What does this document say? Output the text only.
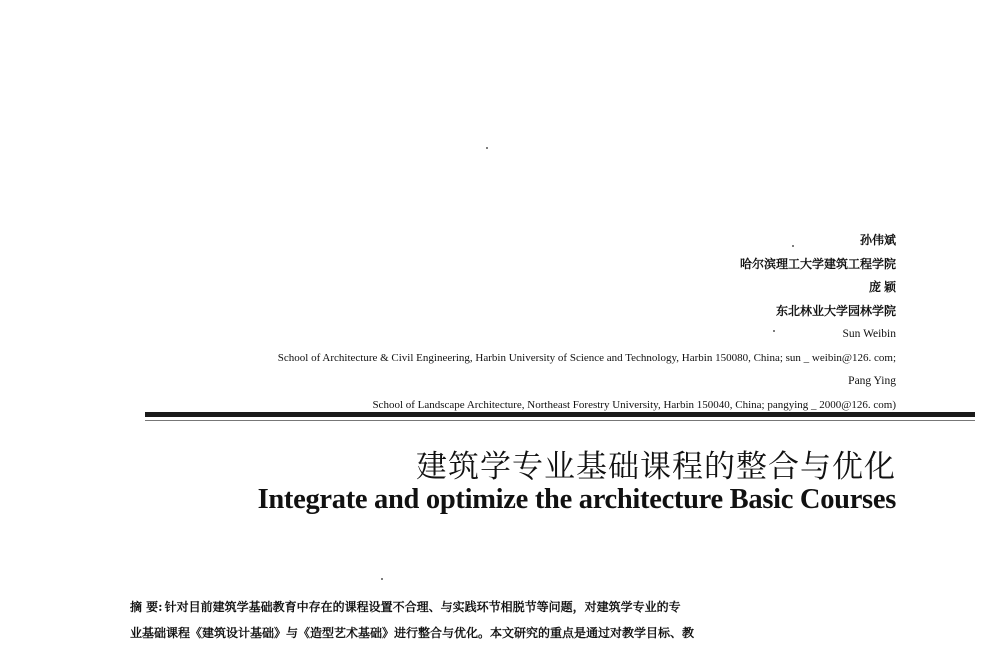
孙伟斌
哈尔滨理工大学建筑工程学院
庞 颖
东北林业大学园林学院
Sun Weibin
School of Architecture & Civil Engineering, Harbin University of Science and Technology, Harbin 150080, China; sun _ weibin@126. com;
Pang Ying
School of Landscape Architecture, Northeast Forestry University, Harbin 150040, China; pangying _ 2000@126. com)
建筑学专业基础课程的整合与优化
Integrate and optimize the architecture Basic Courses
摘 要: 针对目前建筑学基础教育中存在的课程设置不合理、与实践环节相脱节等问题，对建筑学专业的专
业基础课程《建筑设计基础》与《造型艺术基础》进行整合与优化。本文研究的重点是通过对教学目标、教
